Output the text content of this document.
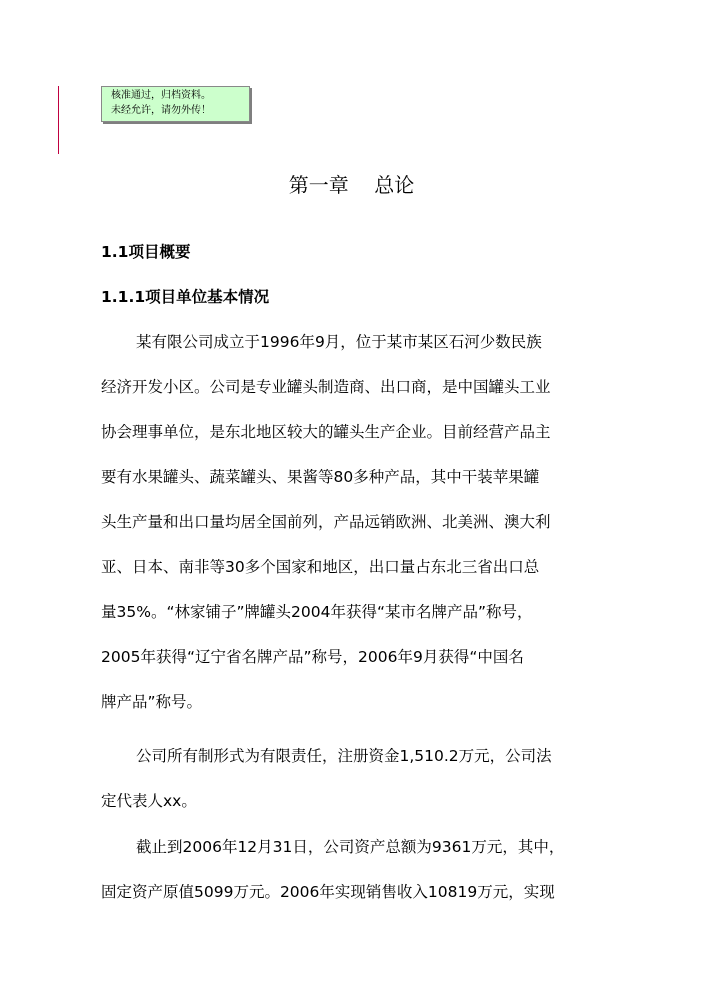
核准通过，归档资料。
未经允许，请勿外传！
第一章    总论
1.1项目概要
1.1.1项目单位基本情况
某有限公司成立于1996年9月，位于某市某区石河少数民族
经济开发小区。公司是专业罐头制造商、出口商，是中国罐头工业
协会理事单位，是东北地区较大的罐头生产企业。目前经营产品主
要有水果罐头、蔬菜罐头、果酱等80多种产品，其中干装苹果罐
头生产量和出口量均居全国前列，产品远销欧洲、北美洲、澳大利
亚、日本、南非等30多个国家和地区，出口量占东北三省出口总
量35%。“林家铺子”牌罐头2004年获得“某市名牌产品”称号，
2005年获得“辽宁省名牌产品”称号，2006年9月获得“中国名
牌产品”称号。
公司所有制形式为有限责任，注册资金1,510.2万元，公司法
定代表人xx。
截止到2006年12月31日，公司资产总额为9361万元，其中，
固定资产原值5099万元。2006年实现销售收入10819万元，实现
